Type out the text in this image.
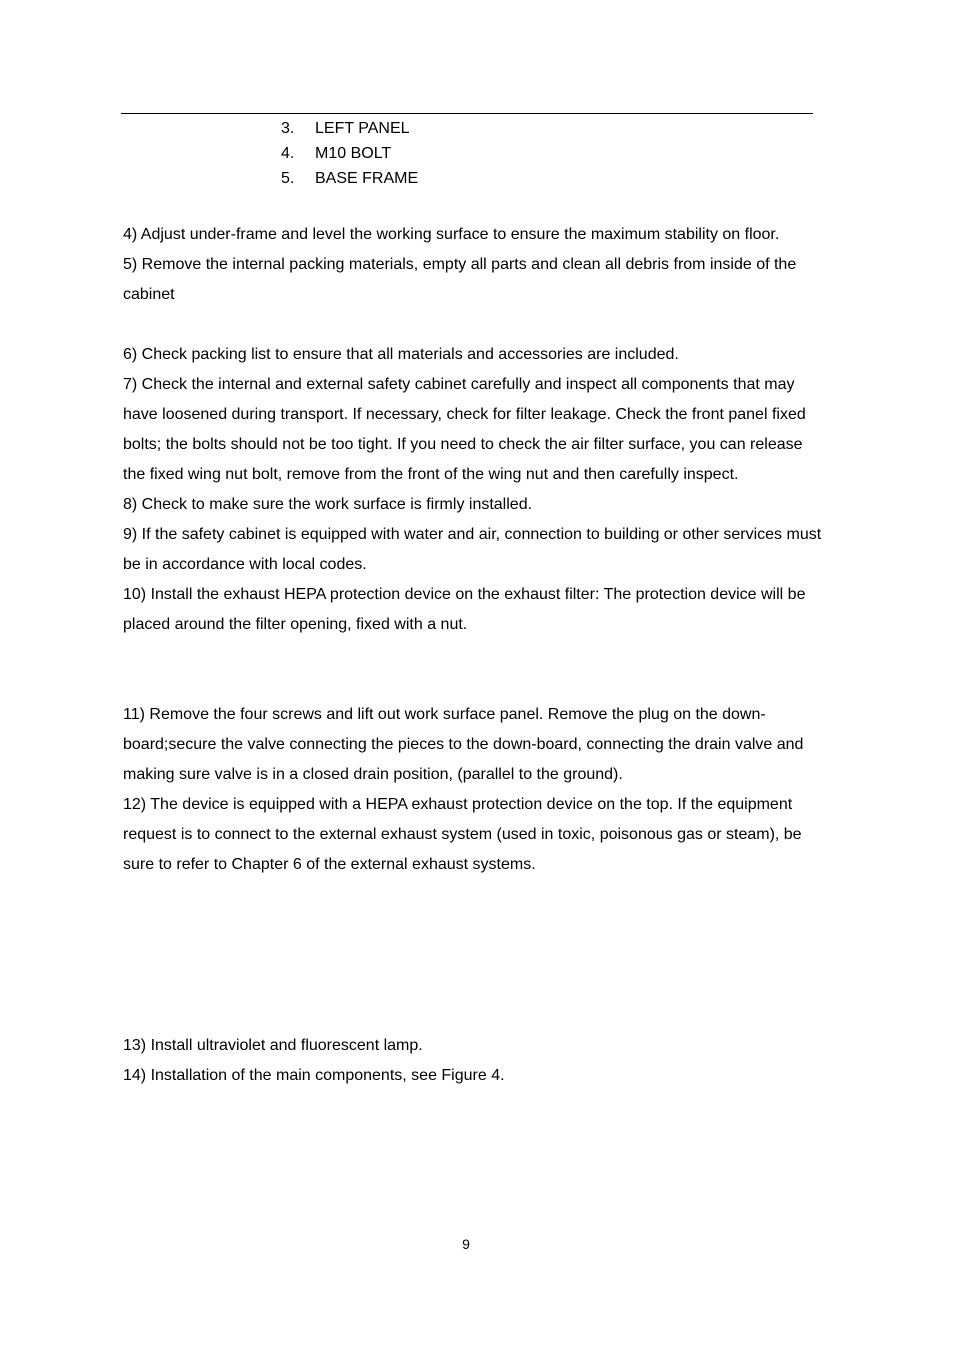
3.	LEFT PANEL
4.	M10 BOLT
5.	BASE FRAME

4) Adjust under-frame and level the working surface to ensure the maximum stability on floor.

5) Remove the internal packing materials, empty all parts and clean all debris from inside of the cabinet

6) Check packing list to ensure that all materials and accessories are included.

7) Check the internal and external safety cabinet carefully and inspect all components that may have loosened during transport. If necessary, check for filter leakage. Check the front panel fixed bolts; the bolts should not be too tight. If you need to check the air filter surface, you can release the fixed wing nut bolt, remove from the front of the wing nut and then carefully inspect.

8) Check to make sure the work surface is firmly installed.

9) If the safety cabinet is equipped with water and air, connection to building or other services must be in accordance with local codes.

10) Install the exhaust HEPA protection device on the exhaust filter: The protection device will be placed around the filter opening, fixed with a nut.

11) Remove the four screws and lift out work surface panel. Remove the plug on the down-board;secure the valve connecting the pieces to the down-board, connecting the drain valve and making sure valve is in a closed drain position, (parallel to the ground).

12) The device is equipped with a HEPA exhaust protection device on the top. If the equipment request is to connect to the external exhaust system (used in toxic, poisonous gas or steam), be sure to refer to Chapter 6 of the external exhaust systems.

13) Install ultraviolet and fluorescent lamp.

14) Installation of the main components, see Figure 4.

9
